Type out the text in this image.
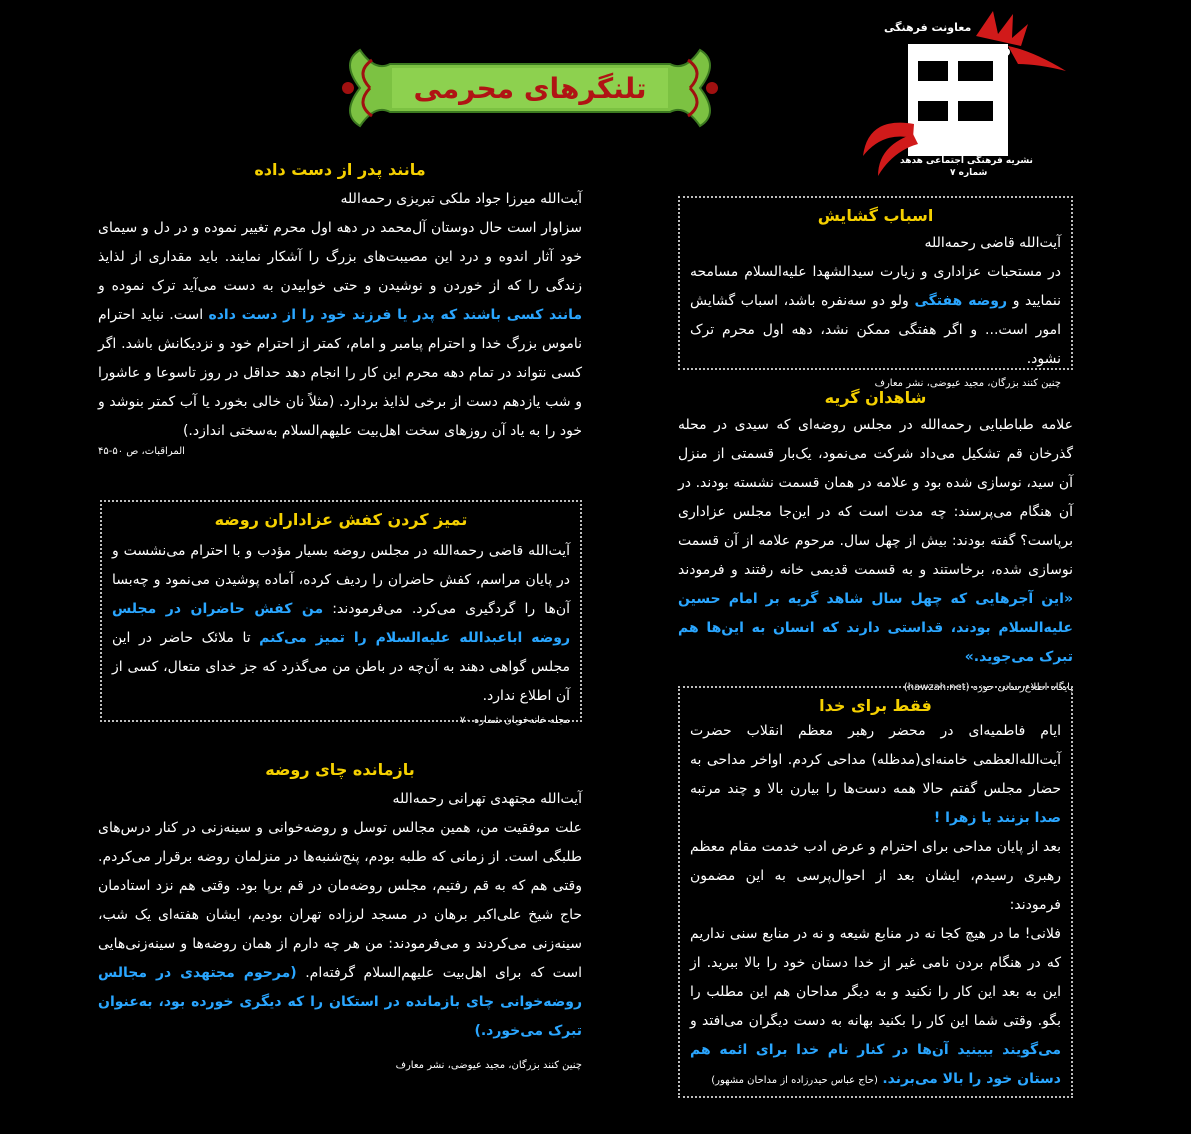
تلنگرهای محرمی
معاونت فرهنگی
نشریه فرهنگی اجتماعی هدهد
شماره ۷
اسباب گشایش
آیت‌الله قاضی رحمه‌الله

در مستحبات عزاداری و زیارت سیدالشهدا علیه‌السلام مسامحه ننمایید و روضه هفتگی ولو دو سه‌نفره باشد، اسباب گشایش امور است... و اگر هفتگی ممکن نشد، دهه اول محرم ترک نشود.

چنین کنند بزرگان، مجید عیوضی، نشر معارف
شاهدان گریه

علامه طباطبایی رحمه‌الله در مجلس روضه‌ای که سیدی در محله گذرخان قم تشکیل می‌داد شرکت می‌نمود، یک‌بار قسمتی از منزل آن سید، نوسازی شده بود و علامه در همان قسمت نشسته بودند. در آن هنگام می‌پرسند: چه مدت است که در این‌جا مجلس عزاداری برپاست؟ گفته بودند: بیش از چهل سال. مرحوم علامه از آن قسمت نوسازی شده، برخاستند و به قسمت قدیمی خانه رفتند و فرمودند «این آجرهایی که چهل سال شاهد گریه بر امام حسین علیه‌السلام بودند، قداستی دارند که انسان به این‌ها هم تبرک می‌جوید.»

پایگاه اطلاع‌رسانی حوزه (hawzah.net)
فقط برای خدا

ایام فاطمیه‌ای در محضر رهبر معظم انقلاب حضرت آیت‌الله‌العظمی خامنه‌ای(مدظله) مداحی کردم. اواخر مداحی به حضار مجلس گفتم حالا همه دست‌ها را بیارن بالا و چند مرتبه صدا بزنند یا زهرا !

بعد از پایان مداحی برای احترام و عرض ادب خدمت مقام معظم رهبری رسیدم، ایشان بعد از احوال‌پرسی به این مضمون فرمودند:

فلانی! ما در هیچ کجا نه در منابع شیعه و نه در منابع سنی نداریم که در هنگام بردن نامی غیر از خدا دستان خود را بالا ببرید. از این به بعد این کار را نکنید و به دیگر مداحان هم این مطلب را بگو. وقتی شما این کار را بکنید بهانه به دست دیگران می‌افتد و می‌گویند ببینید آن‌ها در کنار نام خدا برای ائمه هم دستان خود را بالا می‌برند. (حاج عباس حیدرزاده از مداحان مشهور)

مانند پدر از دست داده
آیت‌الله میرزا جواد ملکی تبریزی رحمه‌الله

سزاوار است حال دوستان آل‌محمد در دهه اول محرم تغییر نموده و در دل و سیمای خود آثار اندوه و درد این مصیبت‌های بزرگ را آشکار نمایند. باید مقداری از لذایذ زندگی را که از خوردن و نوشیدن و حتی خوابیدن به دست می‌آید ترک نموده و مانند کسی باشند که پدر یا فرزند خود را از دست داده است. نباید احترام ناموس بزرگ خدا و احترام پیامبر و امام، کمتر از احترام خود و نزدیکانش باشد. اگر کسی نتواند در تمام دهه محرم این کار را انجام دهد حداقل در روز تاسوعا و عاشورا و شب یازدهم دست از برخی لذایذ بردارد. (مثلاً نان خالی بخورد یا آب کمتر بنوشد و خود را به یاد آن روزهای سخت اهل‌بیت علیهم‌السلام به‌سختی اندازد.)

المراقبات، ص ۵۰-۴۵
تمیز کردن کفش عزاداران روضه

آیت‌الله قاضی رحمه‌الله در مجلس روضه بسیار مؤدب و با احترام می‌نشست و در پایان مراسم، کفش حاضران را ردیف کرده، آماده پوشیدن می‌نمود و چه‌بسا آن‌ها را گردگیری می‌کرد. می‌فرمودند: من کفش حاضران در مجلس روضه اباعبدالله علیه‌السلام را تمیز می‌کنم تا ملائک حاضر در این مجلس گواهی دهند به آن‌چه در باطن من می‌گذرد که جز خدای متعال، کسی از آن اطلاع ندارد.

مجله خانه‌خوبان شماره ۷۰
بازمانده چای روضه
آیت‌الله مجتهدی تهرانی رحمه‌الله

علت موفقیت من، همین مجالس توسل و روضه‌خوانی و سینه‌زنی در کنار درس‌های طلبگی است. از زمانی که طلبه بودم، پنج‌شنبه‌ها در منزلمان روضه برقرار می‌کردم. وقتی هم که به قم رفتیم، مجلس روضه‌مان در قم برپا بود. وقتی هم نزد استادمان حاج شیخ علی‌اکبر برهان در مسجد لرزاده تهران بودیم، ایشان هفته‌ای یک شب، سینه‌زنی می‌کردند و می‌فرمودند: من هر چه دارم از همان روضه‌ها و سینه‌زنی‌هایی است که برای اهل‌بیت علیهم‌السلام گرفته‌ام. (مرحوم مجتهدی در مجالس روضه‌خوانی چای بازمانده در استکان را که دیگری خورده بود، به‌عنوان تبرک می‌خورد.)

چنین کنند بزرگان، مجید عیوضی، نشر معارف
